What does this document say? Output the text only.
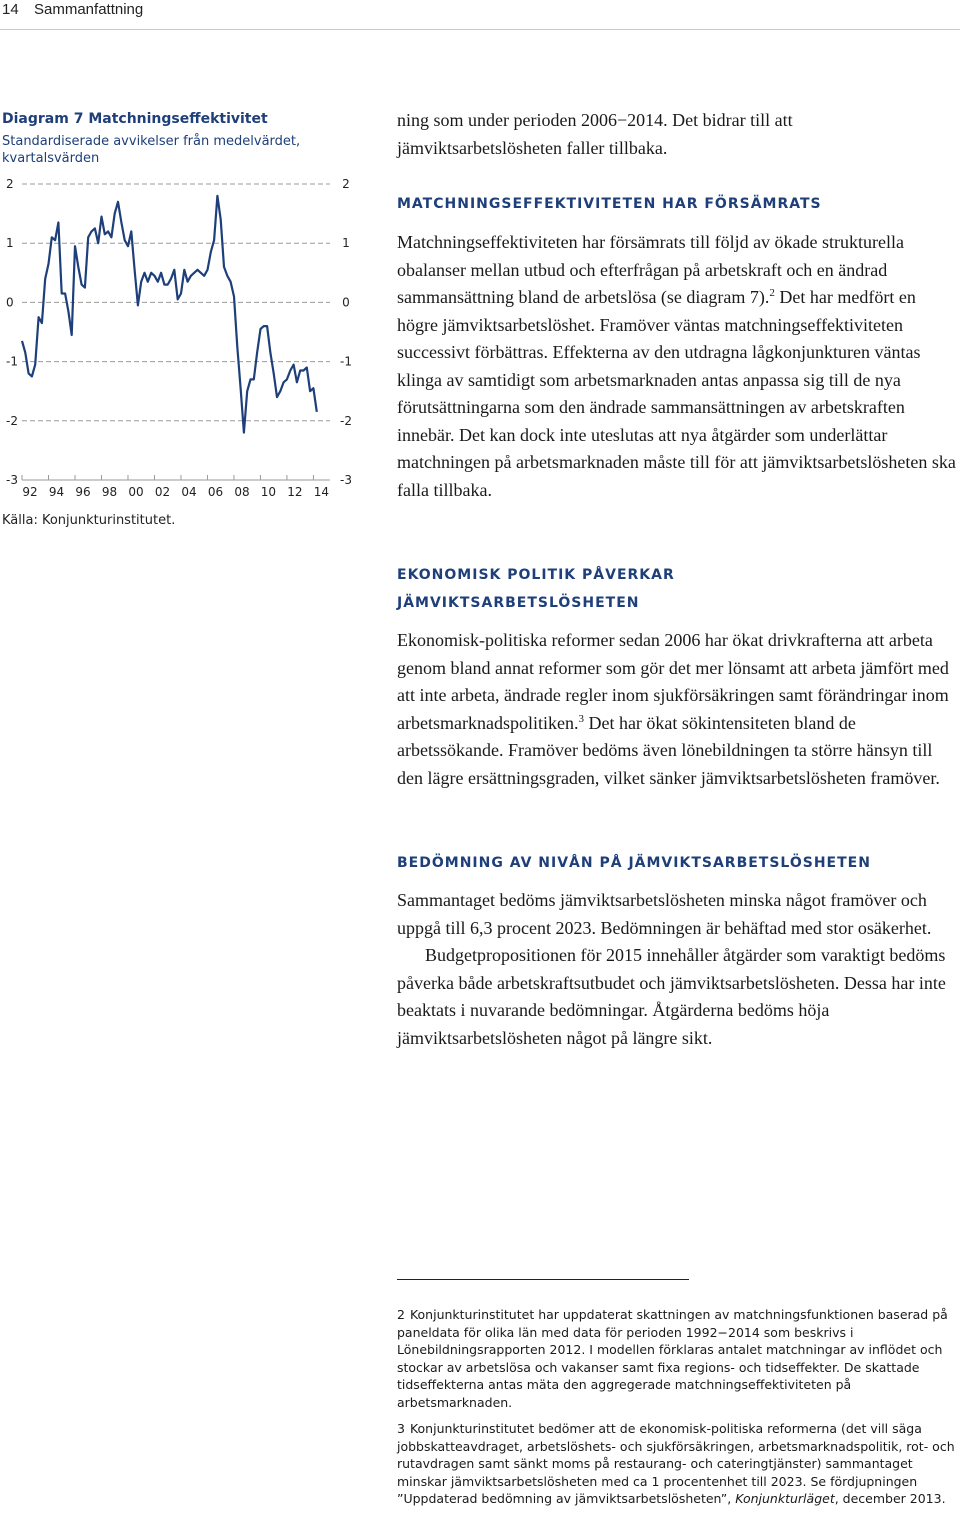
14 Sammanfattning
Diagram 7 Matchningseffektivitet
Standardiserade avvikelser från medelvärdet, kvartalsvärden
2	2
1	1
0	0
-1	-1
-2	-2
-3	-3
92 94 96 98 00 02 04 06 08 10 12 14
Källa: Konjunkturinstitutet.

ning som under perioden 2006−2014. Det bidrar till att jämviktsarbetslösheten faller tillbaka.

MATCHNINGSEFFEKTIVITETEN HAR FÖRSÄMRATS

Matchningseffektiviteten har försämrats till följd av ökade strukturella obalanser mellan utbud och efterfrågan på arbetskraft och en ändrad sammansättning bland de arbetslösa (se diagram 7).$^2$ Det har medfört en högre jämviktsarbetslöshet. Framöver väntas matchningseffektiviteten successivt förbättras. Effekterna av den utdragna lågkonjunkturen väntas klinga av samtidigt som arbetsmarknaden antas anpassa sig till de nya förutsättningarna som den ändrade sammansättningen av arbetskraften innebär. Det kan dock inte uteslutas att nya åtgärder som underlättar matchningen på arbetsmarknaden måste till för att jämviktsarbetslösheten ska falla tillbaka.

EKONOMISK POLITIK PÅVERKAR
JÄMVIKTSARBETSLÖSHETEN

Ekonomisk-politiska reformer sedan 2006 har ökat drivkrafterna att arbeta genom bland annat reformer som gör det mer lönsamt att arbeta jämfört med att inte arbeta, ändrade regler inom sjukförsäkringen samt förändringar inom arbetsmarknadspolitiken.$^3$ Det har ökat sökintensiteten bland de arbetssökande. Framöver bedöms även lönebildningen ta större hänsyn till den lägre ersättningsgraden, vilket sänker jämviktsarbetslösheten framöver.

BEDÖMNING AV NIVÅN PÅ JÄMVIKTSARBETSLÖSHETEN

Sammantaget bedöms jämviktsarbetslösheten minska något framöver och uppgå till 6,3 procent 2023. Bedömningen är behäftad med stor osäkerhet.

Budgetpropositionen för 2015 innehåller åtgärder som varaktigt bedöms påverka både arbetskraftsutbudet och jämviktsarbetslösheten. Dessa har inte beaktats i nuvarande bedömningar. Åtgärderna bedöms höja jämviktsarbetslösheten något på längre sikt.

2 Konjunkturinstitutet har uppdaterat skattningen av matchningsfunktionen baserad på paneldata för olika län med data för perioden 1992−2014 som beskrivs i Lönebildningsrapporten 2012. I modellen förklaras antalet matchningar av inflödet och stockar av arbetslösa och vakanser samt fixa regions- och tidseffekter. De skattade tidseffekterna antas mäta den aggregerade matchningseffektiviteten på arbetsmarknaden.
3 Konjunkturinstitutet bedömer att de ekonomisk-politiska reformerna (det vill säga jobbskatteavdraget, arbetslöshets- och sjukförsäkringen, arbetsmarknadspolitik, rot- och rutavdragen samt sänkt moms på restaurang- och cateringtjänster) sammantaget minskar jämviktsarbetslösheten med ca 1 procentenhet till 2023. Se fördjupningen ”Uppdaterad bedömning av jämviktsarbetslösheten”, Konjunkturläget, december 2013.
